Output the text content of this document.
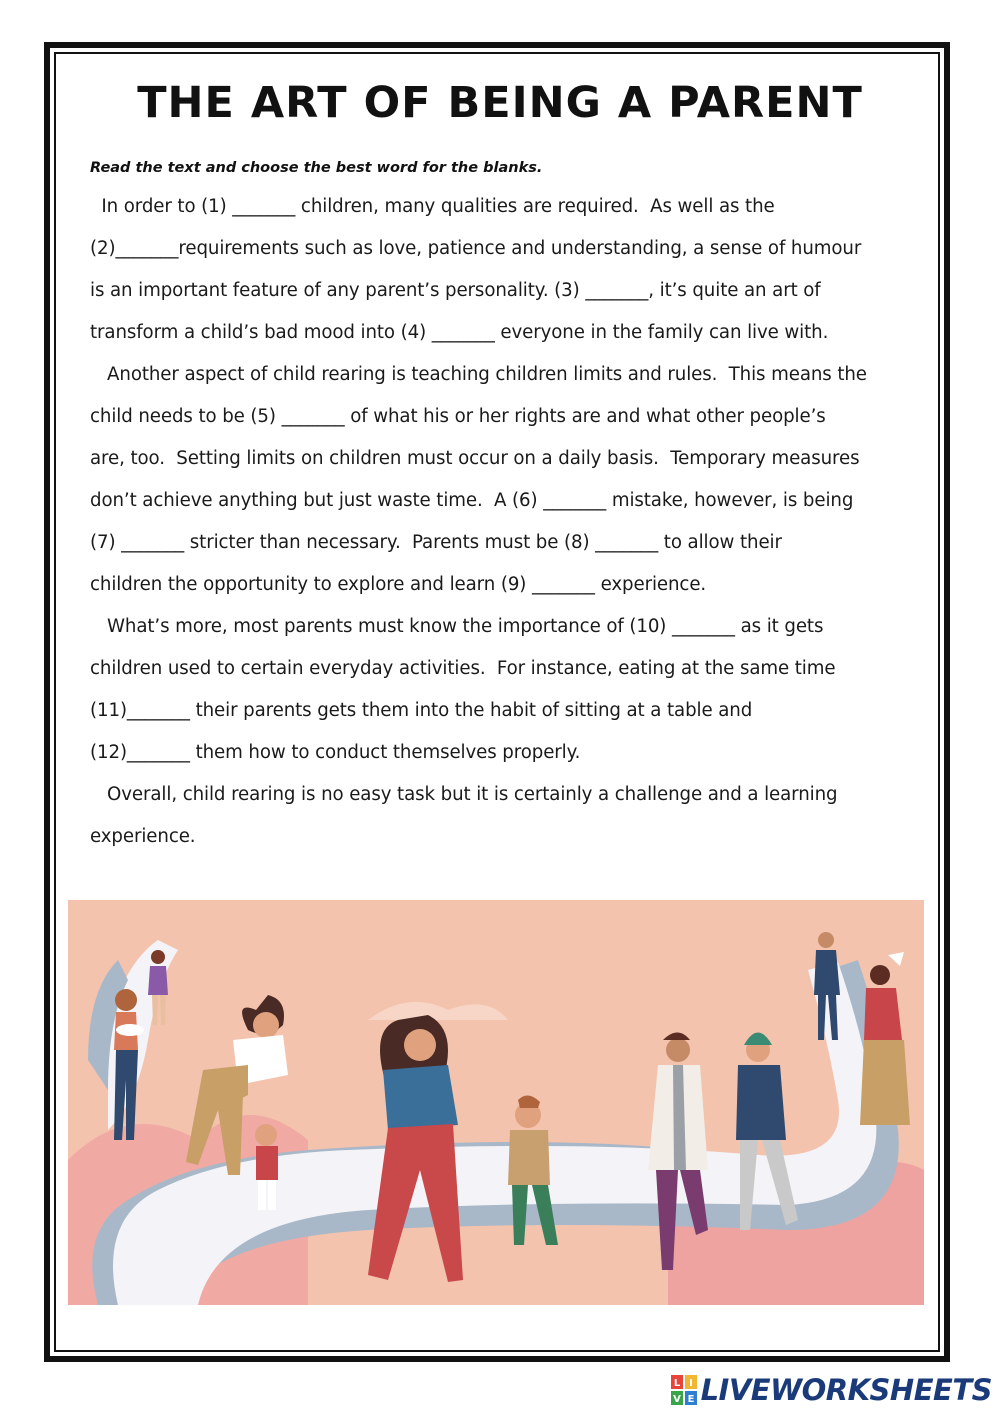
THE ART OF BEING A PARENT

Read the text and choose the best word for the blanks.

In order to (1) _______ children, many qualities are required.  As well as the

(2)_______requirements such as love, patience and understanding, a sense of humour

is an important feature of any parent’s personality. (3) _______, it’s quite an art of

transform a child’s bad mood into (4) _______ everyone in the family can live with.

Another aspect of child rearing is teaching children limits and rules.  This means the

child needs to be (5) _______ of what his or her rights are and what other people’s

are, too.  Setting limits on children must occur on a daily basis.  Temporary measures

don’t achieve anything but just waste time.  A (6) _______ mistake, however, is being

(7) _______ stricter than necessary.  Parents must be (8) _______ to allow their

children the opportunity to explore and learn (9) _______ experience.

What’s more, most parents must know the importance of (10) _______ as it gets

children used to certain everyday activities.  For instance, eating at the same time

(11)_______ their parents gets them into the habit of sitting at a table and

(12)_______ them how to conduct themselves properly.

Overall, child rearing is no easy task but it is certainly a challenge and a learning

experience.

L I
V E LIVEWORKSHEETS
